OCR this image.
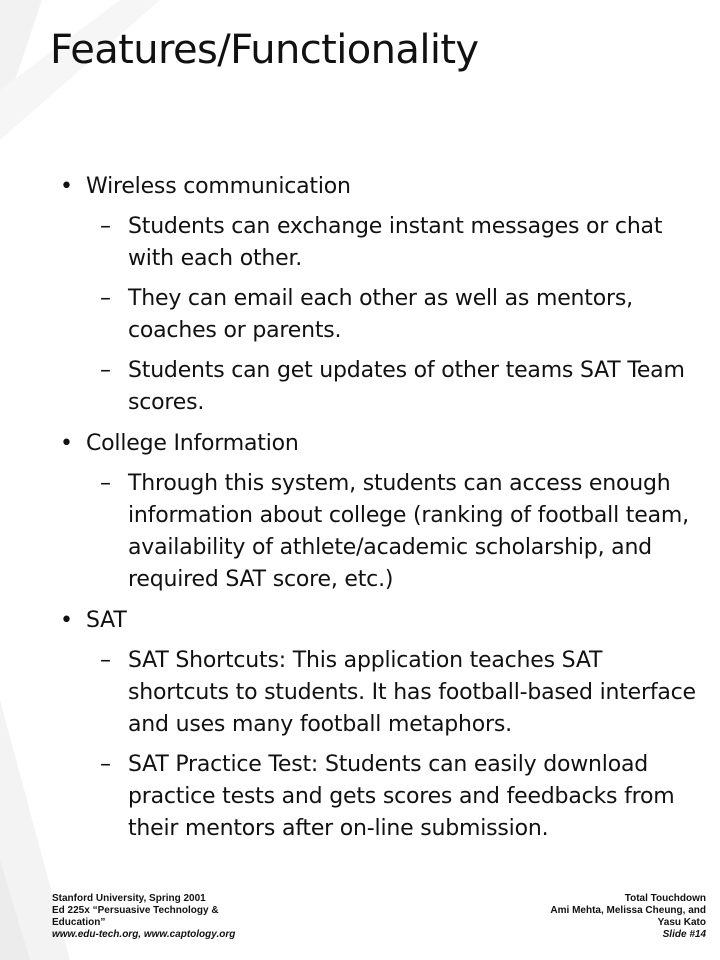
Features/Functionality
• Wireless communication
– Students can exchange instant messages or chat with each other.
– They can email each other as well as mentors, coaches or parents.
– Students can get updates of other teams SAT Team scores.
• College Information
– Through this system, students can access enough information about college (ranking of football team, availability of athlete/academic scholarship, and required SAT score, etc.)
• SAT
– SAT Shortcuts: This application teaches SAT shortcuts to students. It has football-based interface and uses many football metaphors.
– SAT Practice Test: Students can easily download practice tests and gets scores and feedbacks from their mentors after on-line submission.
Stanford University, Spring 2001
Ed 225x “Persuasive Technology &
Education”
www.edu-tech.org, www.captology.org
Total Touchdown
Ami Mehta, Melissa Cheung, and
Yasu Kato
Slide #14
